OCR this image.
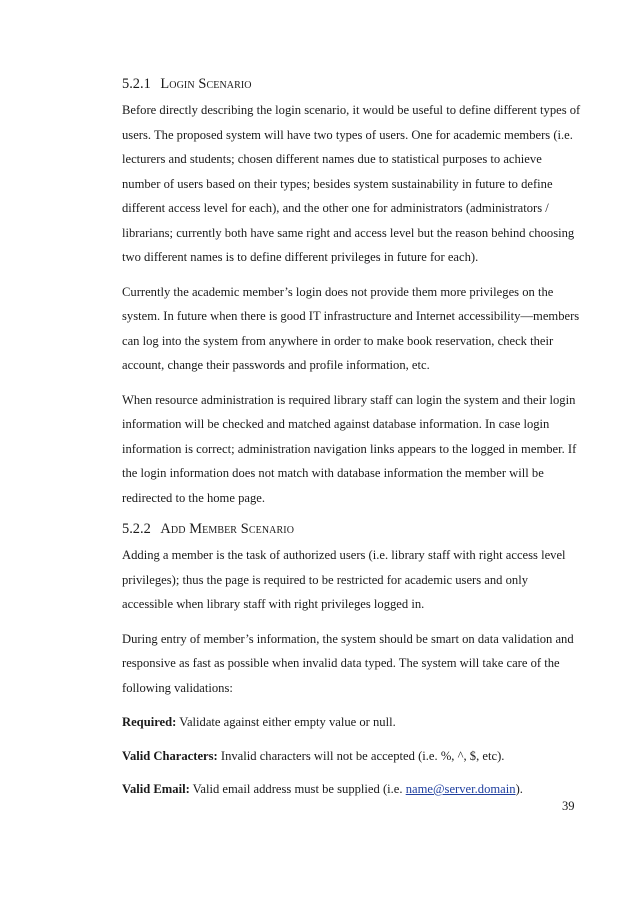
5.2.1 Login Scenario

Before directly describing the login scenario, it would be useful to define different types of users. The proposed system will have two types of users. One for academic members (i.e. lecturers and students; chosen different names due to statistical purposes to achieve number of users based on their types; besides system sustainability in future to define different access level for each), and the other one for administrators (administrators / librarians; currently both have same right and access level but the reason behind choosing two different names is to define different privileges in future for each).

Currently the academic member’s login does not provide them more privileges on the system. In future when there is good IT infrastructure and Internet accessibility—members can log into the system from anywhere in order to make book reservation, check their account, change their passwords and profile information, etc.

When resource administration is required library staff can login the system and their login information will be checked and matched against database information. In case login information is correct; administration navigation links appears to the logged in member. If the login information does not match with database information the member will be redirected to the home page.

5.2.2 Add Member Scenario

Adding a member is the task of authorized users (i.e. library staff with right access level privileges); thus the page is required to be restricted for academic users and only accessible when library staff with right privileges logged in.

During entry of member’s information, the system should be smart on data validation and responsive as fast as possible when invalid data typed. The system will take care of the following validations:

Required: Validate against either empty value or null.

Valid Characters: Invalid characters will not be accepted (i.e. %, ^, $, etc).

Valid Email: Valid email address must be supplied (i.e. name@server.domain).

39
